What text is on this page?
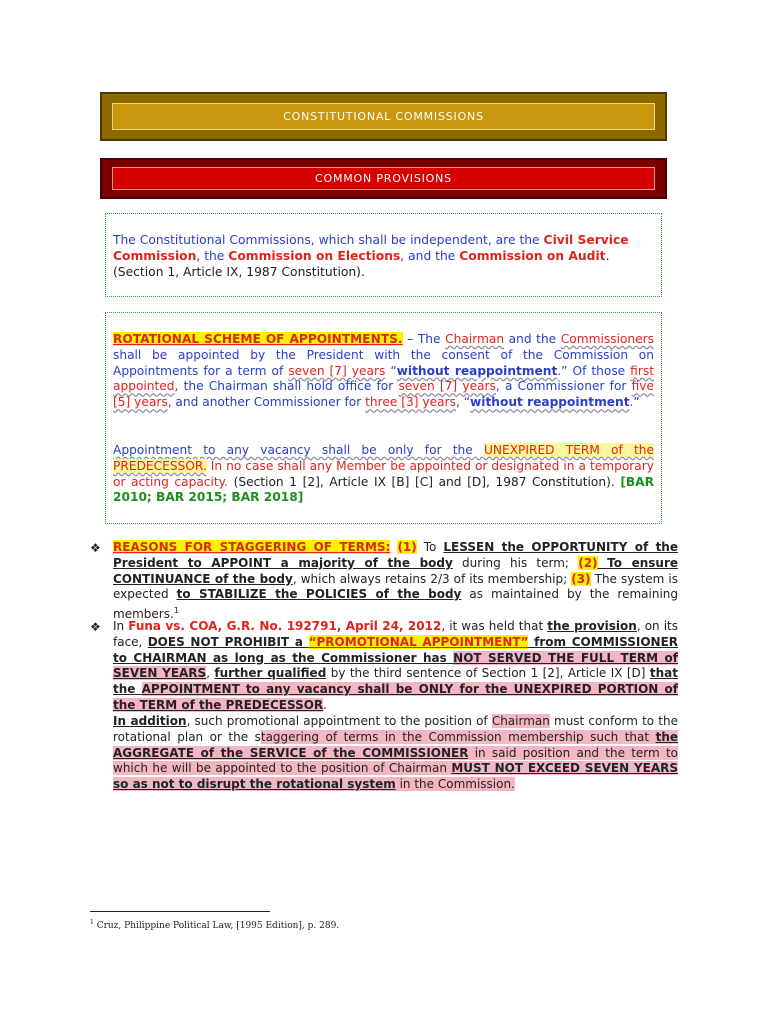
CONSTITUTIONAL COMMISSIONS
COMMON PROVISIONS
The Constitutional Commissions, which shall be independent, are the Civil Service Commission, the Commission on Elections, and the Commission on Audit. (Section 1, Article IX, 1987 Constitution).
ROTATIONAL SCHEME OF APPOINTMENTS. – The Chairman and the Commissioners shall be appointed by the President with the consent of the Commission on Appointments for a term of seven [7] years “without reappointment.” Of those first appointed, the Chairman shall hold office for seven [7] years, a Commissioner for five [5] years, and another Commissioner for three [3] years, “without reappointment.”
Appointment to any vacancy shall be only for the UNEXPIRED TERM of the PREDECESSOR. In no case shall any Member be appointed or designated in a temporary or acting capacity. (Section 1 [2], Article IX [B] [C] and [D], 1987 Constitution). [BAR 2010; BAR 2015; BAR 2018]
❖ REASONS FOR STAGGERING OF TERMS: (1) To LESSEN the OPPORTUNITY of the President to APPOINT a majority of the body during his term; (2) To ensure CONTINUANCE of the body, which always retains 2/3 of its membership; (3) The system is expected to STABILIZE the POLICIES of the body as maintained by the remaining members.$^1$
❖ In Funa vs. COA, G.R. No. 192791, April 24, 2012, it was held that the provision, on its face, DOES NOT PROHIBIT a “PROMOTIONAL APPOINTMENT” from COMMISSIONER to CHAIRMAN as long as the Commissioner has NOT SERVED THE FULL TERM of SEVEN YEARS, further qualified by the third sentence of Section 1 [2], Article IX [D] that the APPOINTMENT to any vacancy shall be ONLY for the UNEXPIRED PORTION of the TERM of the PREDECESSOR.
In addition, such promotional appointment to the position of Chairman must conform to the rotational plan or the staggering of terms in the Commission membership such that the AGGREGATE of the SERVICE of the COMMISSIONER in said position and the term to which he will be appointed to the position of Chairman MUST NOT EXCEED SEVEN YEARS so as not to disrupt the rotational system in the Commission.
$^1$ Cruz, Philippine Political Law, [1995 Edition], p. 289.
